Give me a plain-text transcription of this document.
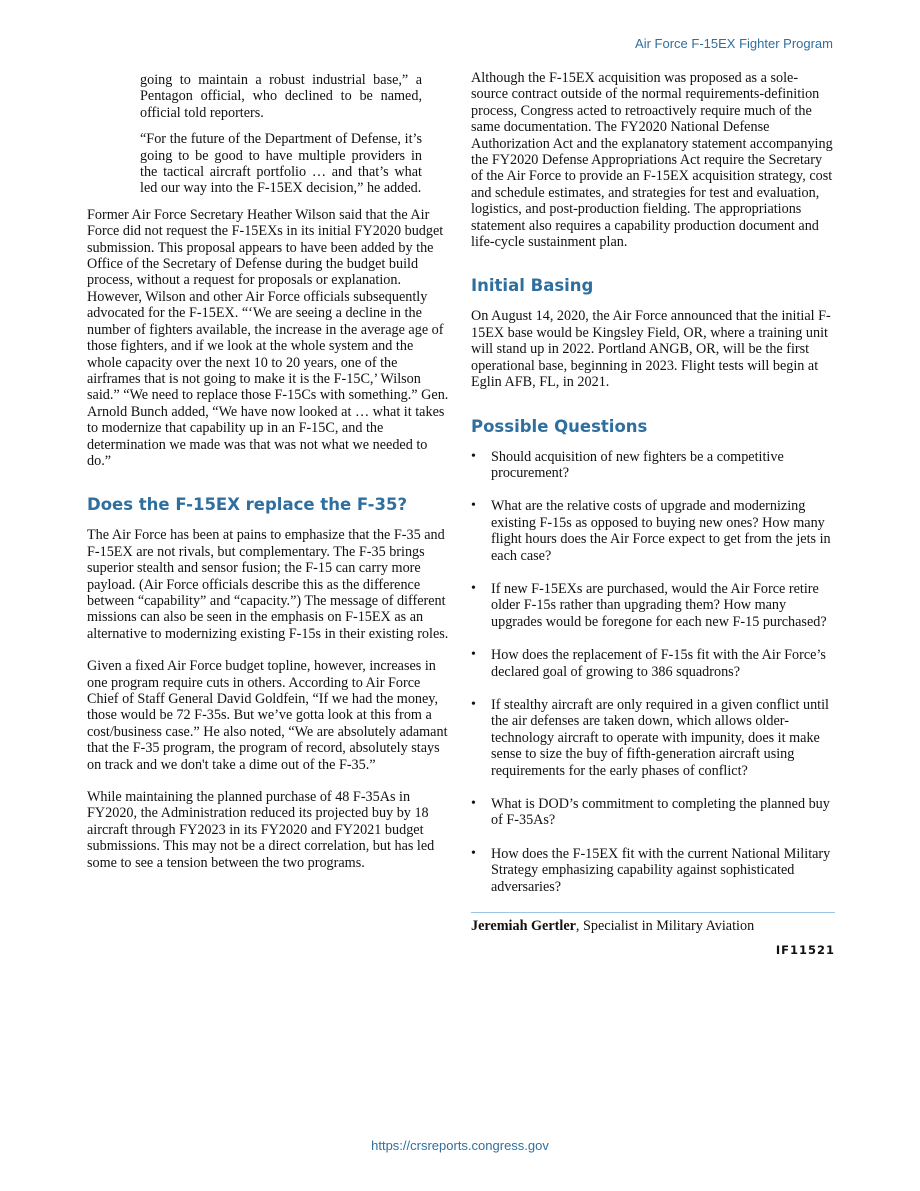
Air Force F-15EX Fighter Program

going to maintain a robust industrial base,” a Pentagon official, who declined to be named, official told reporters.

“For the future of the Department of Defense, it’s going to be good to have multiple providers in the tactical aircraft portfolio … and that’s what led our way into the F-15EX decision,” he added.

Former Air Force Secretary Heather Wilson said that the Air Force did not request the F-15EXs in its initial FY2020 budget submission. This proposal appears to have been added by the Office of the Secretary of Defense during the budget build process, without a request for proposals or explanation. However, Wilson and other Air Force officials subsequently advocated for the F-15EX. “‘We are seeing a decline in the number of fighters available, the increase in the average age of those fighters, and if we look at the whole system and the whole capacity over the next 10 to 20 years, one of the airframes that is not going to make it is the F-15C,’ Wilson said.” “We need to replace those F-15Cs with something.” Gen. Arnold Bunch added, “We have now looked at … what it takes to modernize that capability up in an F-15C, and the determination we made was that was not what we needed to do.”

Does the F-15EX replace the F-35?

The Air Force has been at pains to emphasize that the F-35 and F-15EX are not rivals, but complementary. The F-35 brings superior stealth and sensor fusion; the F-15 can carry more payload. (Air Force officials describe this as the difference between “capability” and “capacity.”) The message of different missions can also be seen in the emphasis on F-15EX as an alternative to modernizing existing F-15s in their existing roles.

Given a fixed Air Force budget topline, however, increases in one program require cuts in others. According to Air Force Chief of Staff General David Goldfein, “If we had the money, those would be 72 F-35s. But we’ve gotta look at this from a cost/business case.” He also noted, “We are absolutely adamant that the F-35 program, the program of record, absolutely stays on track and we don't take a dime out of the F-35.”

While maintaining the planned purchase of 48 F-35As in FY2020, the Administration reduced its projected buy by 18 aircraft through FY2023 in its FY2020 and FY2021 budget submissions. This may not be a direct correlation, but has led some to see a tension between the two programs.

Although the F-15EX acquisition was proposed as a sole-source contract outside of the normal requirements-definition process, Congress acted to retroactively require much of the same documentation. The FY2020 National Defense Authorization Act and the explanatory statement accompanying the FY2020 Defense Appropriations Act require the Secretary of the Air Force to provide an F-15EX acquisition strategy, cost and schedule estimates, and strategies for test and evaluation, logistics, and post-production fielding. The appropriations statement also requires a capability production document and life-cycle sustainment plan.

Initial Basing

On August 14, 2020, the Air Force announced that the initial F-15EX base would be Kingsley Field, OR, where a training unit will stand up in 2022. Portland ANGB, OR, will be the first operational base, beginning in 2023. Flight tests will begin at Eglin AFB, FL, in 2021.

Possible Questions
• Should acquisition of new fighters be a competitive procurement?
• What are the relative costs of upgrade and modernizing existing F-15s as opposed to buying new ones? How many flight hours does the Air Force expect to get from the jets in each case?
• If new F-15EXs are purchased, would the Air Force retire older F-15s rather than upgrading them? How many upgrades would be foregone for each new F-15 purchased?
• How does the replacement of F-15s fit with the Air Force’s declared goal of growing to 386 squadrons?
• If stealthy aircraft are only required in a given conflict until the air defenses are taken down, which allows older-technology aircraft to operate with impunity, does it make sense to size the buy of fifth-generation aircraft using requirements for the early phases of conflict?
• What is DOD’s commitment to completing the planned buy of F-35As?
• How does the F-15EX fit with the current National Military Strategy emphasizing capability against sophisticated adversaries?
Jeremiah Gertler, Specialist in Military Aviation
IF11521
https://crsreports.congress.gov
